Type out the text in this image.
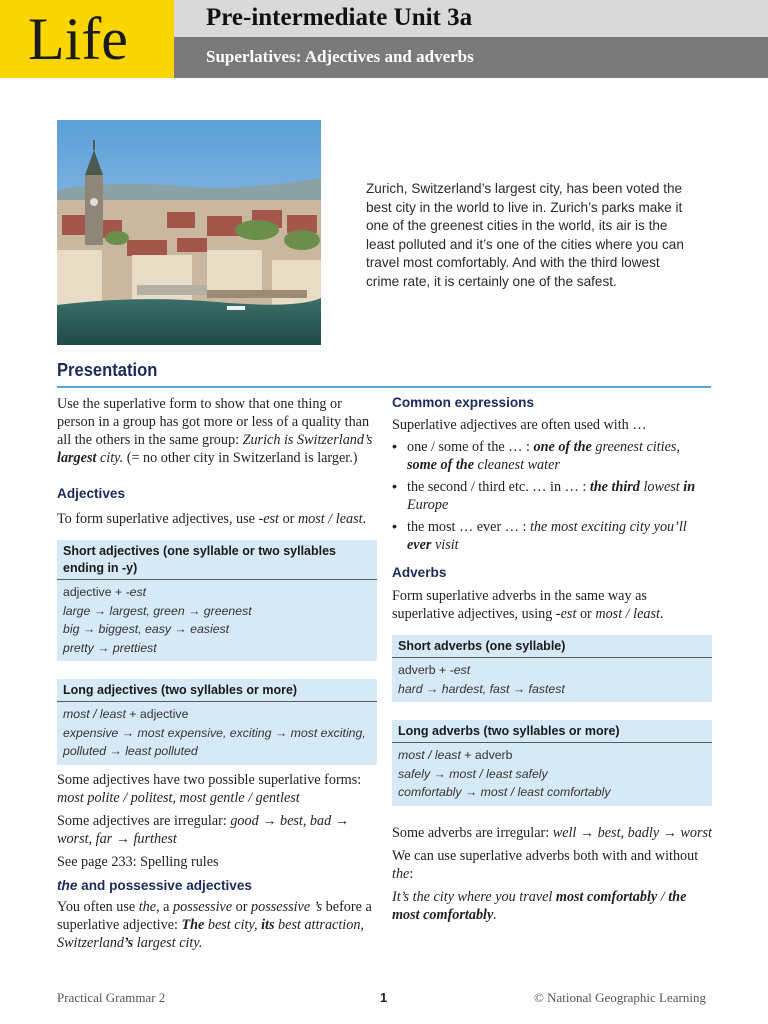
Life	Pre-intermediate Unit 3a
Superlatives: Adjectives and adverbs

Zurich, Switzerland’s largest city, has been voted the best city in the world to live in. Zurich’s parks make it one of the greenest cities in the world, its air is the least polluted and it’s one of the cities where you can travel most comfortably. And with the third lowest crime rate, it is certainly one of the safest.

Presentation

Use the superlative form to show that one thing or person in a group has got more or less of a quality than all the others in the same group: Zurich is Switzerland’s largest city. (= no other city in Switzerland is larger.)

Adjectives

To form superlative adjectives, use -est or most / least.

Short adjectives (one syllable or two syllables ending in -y)
adjective + -est
large → largest, green → greenest
big → biggest, easy → easiest
pretty → prettiest
Long adjectives (two syllables or more)
most / least + adjective
expensive → most expensive, exciting → most exciting,
polluted → least polluted

Some adjectives have two possible superlative forms:
most polite / politest, most gentle / gentlest

Some adjectives are irregular: good → best, bad → worst, far → furthest

See page 233: Spelling rules

the and possessive adjectives

You often use the, a possessive or possessive ’s before a superlative adjective: The best city, its best attraction, Switzerland’s largest city.

Common expressions

Superlative adjectives are often used with …

• one / some of the … : one of the greenest cities, some of the cleanest water
• the second / third etc. … in … : the third lowest in Europe
• the most … ever … : the most exciting city you’ll ever visit
Adverbs

Form superlative adverbs in the same way as superlative adjectives, using -est or most / least.

Short adverbs (one syllable)
adverb + -est
hard → hardest, fast → fastest
Long adverbs (two syllables or more)
most / least + adverb
safely → most / least safely
comfortably → most / least comfortably

Some adverbs are irregular: well → best, badly → worst

We can use superlative adverbs both with and without the:

It’s the city where you travel most comfortably / the most comfortably.

Practical Grammar 2	1	© National Geographic Learning
